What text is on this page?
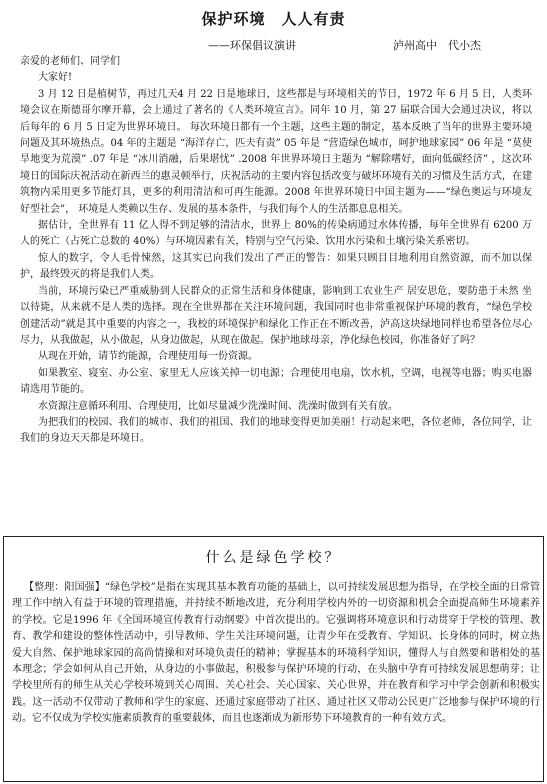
保护环境　人人有责
——环保倡议演讲	泸州高中　代小杰

亲爱的老师们、同学们

大家好!

3 月 12 日是植树节，再过几天4 月 22 日是地球日，这些都是与环境相关的节日，1972 年 6 月 5 日，人类环境会议在斯德哥尔摩开幕，会上通过了著名的《人类环境宣言》。同年 10 月，第 27 届联合国大会通过决议，将以后每年的 6 月 5 日定为世界环境日。 每次环境日都有一个主题，这些主题的制定，基本反映了当年的世界主要环境问题及其环境热点。04 年的主题是 “海洋存亡，匹夫有责” 05 年是 “营造绿色城市，呵护地球家园” 06 年是 “莫使旱地变为荒漠” .07 年是 “冰川消融，后果堪忧” .2008 年世界环境日主题为 “解除嗜好，面向低碳经济” ，这次环境日的国际庆祝活动在新西兰的惠灵顿举行，庆祝活动的主要内容包括改变与破坏环境有关的习惯及生活方式，在建筑物内采用更多节能灯具，更多的利用清洁和可再生能源。2008 年世界环境日中国主题为——“绿色奥运与环境友好型社会”， 环境是人类赖以生存、发展的基本条件，与我们每个人的生活都息息相关。

据估计，全世界有 11 亿人得不到足够的清洁水，世界上 80%的传染病通过水体传播，每年全世界有 6200 万人的死亡（占死亡总数的 40%）与环境因素有关，特别与空气污染、饮用水污染和土壤污染关系密切。

惊人的数字，令人毛骨悚然，这其实已向我们发出了严正的警告：如果只顾目目地利用自然资源，而不加以保护，最终毁灭的将是我们人类。

当前，环境污染已严重威胁到人民群众的正常生活和身体健康，影响到工农业生产 居安思危，要防患于未然 坐以待毙，从来就不是人类的选择。现在全世界都在关注环境问题，我国同时也非常重视保护环境的教育，“绿色学校创建活动”就是其中重要的内容之一，我校的环境保护和绿化工作正在不断改善，泸高这块绿地同样也希望各位尽心尽力，从我做起，从小做起，从身边做起，从现在做起。保护地球母亲，净化绿色校园，你准备好了吗？

从现在开始，请节约能源，合理使用每一份资源。

如果教室、寝室、办公室、家里无人应该关掉一切电源；合理使用电扇，饮水机，空调，电视等电器；购买电器请选用节能的。

水资源注意循环利用、合理使用，比如尽量减少洗澡时间、洗澡时做到有关有放。

为把我们的校园、我们的城市、我们的祖国、我们的地球变得更加美丽！行动起来吧，各位老师，各位同学，让我们的身边天天都是环境日。

什么是绿色学校？
【整理：阳国强】“绿色学校”是指在实现其基本教育功能的基础上，以可持续发展思想为指导，在学校全面的日常管理工作中纳入有益于环境的管理措施，并持续不断地改进，充分利用学校内外的一切资源和机会全面提高师生环境素养的学校。它是1996 年《全国环境宣传教育行动纲要》中首次提出的。它强调将环境意识和行动贯穿于学校的管理、教育、教学和建设的整体性活动中，引导教师、学生关注环境问题，让青少年在受教育、学知识、长身体的同时，树立热爱大自然、保护地球家园的高尚情操和对环境负责任的精神；掌握基本的环境科学知识，懂得人与自然要和谐相处的基本理念；学会如何从自己开始，从身边的小事做起，积极参与保护环境的行动，在头脑中孕育可持续发展思想萌芽；让学校里所有的师生从关心学校环境到关心周围、关心社会、关心国家、关心世界，并在教育和学习中学会创新和积极实践。这一活动不仅带动了教师和学生的家庭、还通过家庭带动了社区、通过社区又带动公民更广泛地参与保护环境的行动。它不仅成为学校实施素质教育的重要载体，而且也逐渐成为新形势下环境教育的一种有效方式。
